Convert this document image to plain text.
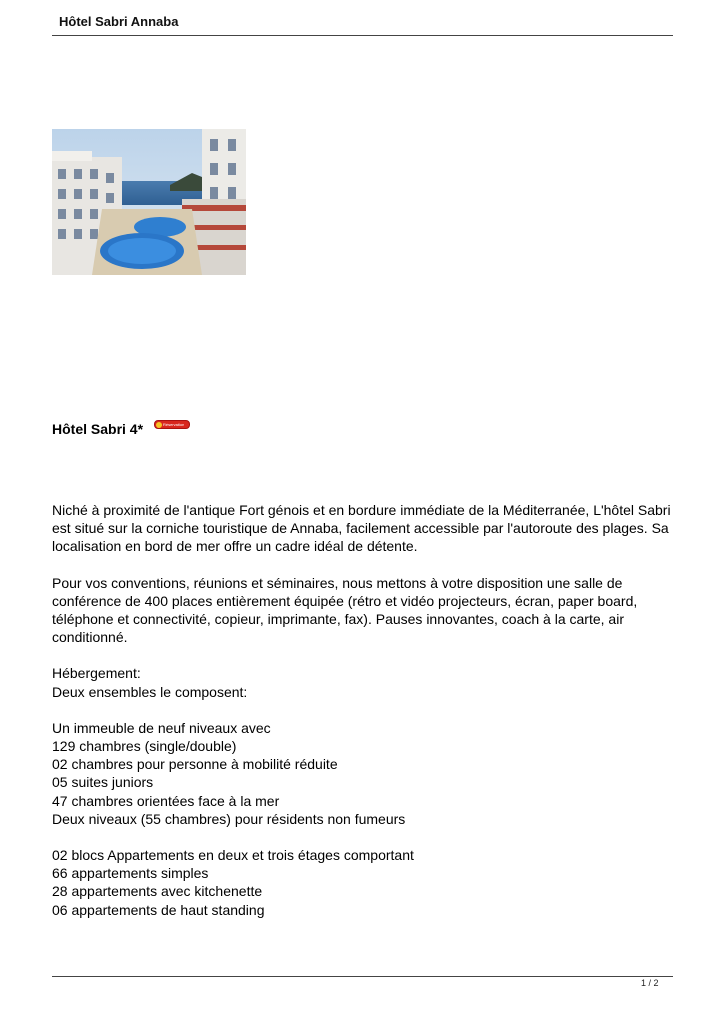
Hôtel Sabri Annaba
Hôtel Sabri 4*	Réservation

Niché à proximité de l'antique Fort génois et en bordure immédiate de la Méditerranée, L'hôtel Sabri est situé sur la corniche touristique de Annaba, facilement accessible par l'autoroute des plages. Sa localisation en bord de mer offre un cadre idéal de détente.

Pour vos conventions, réunions et séminaires, nous mettons à votre disposition une salle de conférence de 400 places entièrement équipée (rétro et vidéo projecteurs, écran, paper board, téléphone et connectivité, copieur, imprimante, fax). Pauses innovantes, coach à la carte, air conditionné.

Hébergement:
Deux ensembles le composent:

Un immeuble de neuf niveaux avec
129 chambres (single/double)
02 chambres pour personne à mobilité réduite
05 suites juniors
47 chambres orientées face à la mer
Deux niveaux (55 chambres) pour résidents non fumeurs

02 blocs Appartements en deux et trois étages comportant
66 appartements simples
28 appartements avec kitchenette
06 appartements de haut standing

1 / 2
